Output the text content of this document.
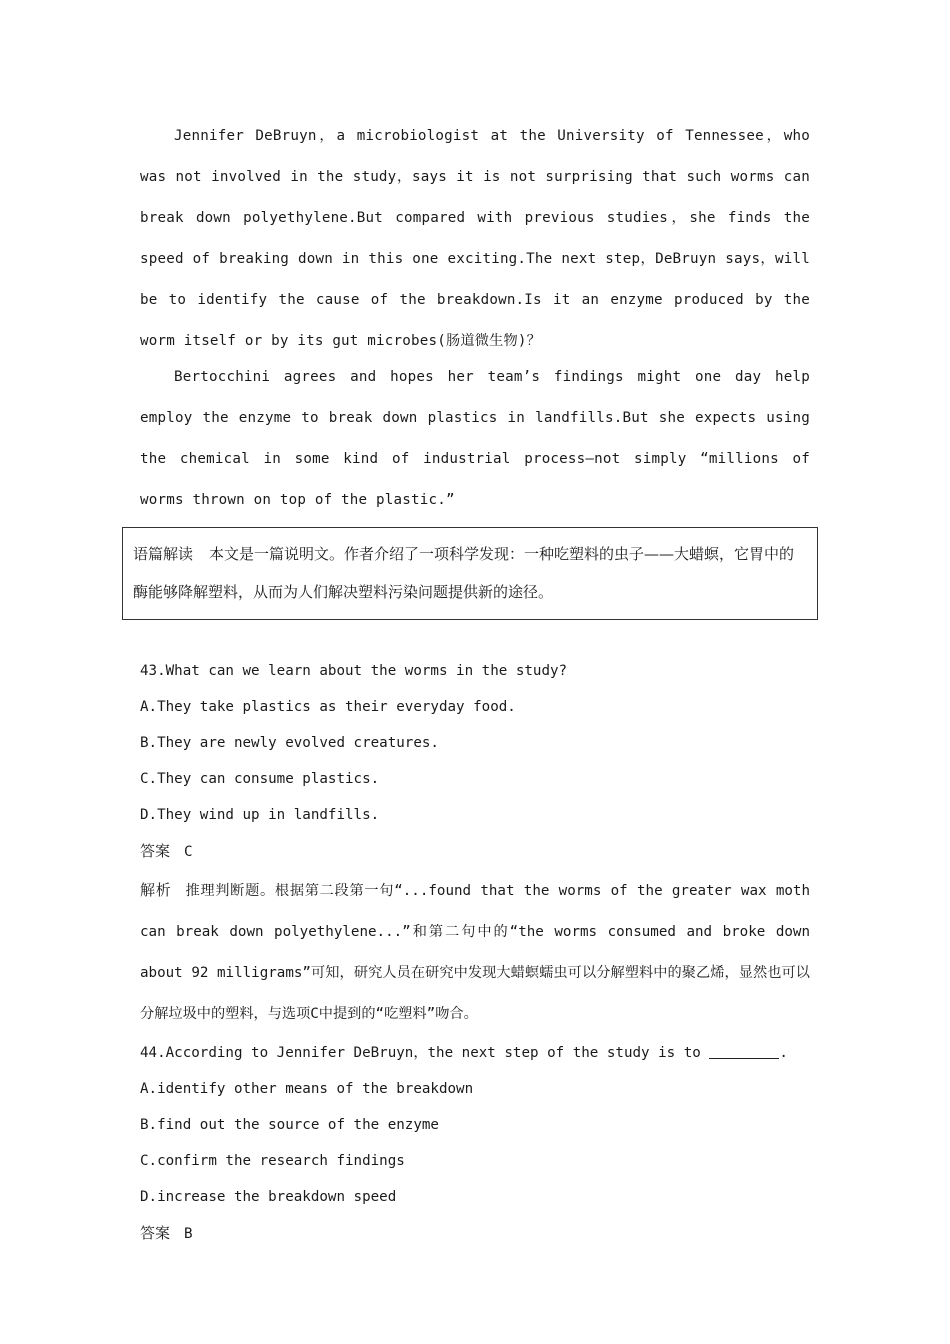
Jennifer DeBruyn，a microbiologist at the University of Tennessee，who was not involved in the study，says it is not surprising that such worms can break down polyethylene.But compared with previous studies，she finds the speed of breaking down in this one exciting.The next step，DeBruyn says，will be to identify the cause of the breakdown.Is it an enzyme produced by the worm itself or by its gut microbes(肠道微生物)？

Bertocchini agrees and hopes her team’s findings might one day help employ the enzyme to break down plastics in landfills.But she expects using the chemical in some kind of industrial process—not simply “millions of worms thrown on top of the plastic.”

语篇解读 本文是一篇说明文。作者介绍了一项科学发现：一种吃塑料的虫子——大蜡螟，它胃中的酶能够降解塑料，从而为人们解决塑料污染问题提供新的途径。
43.What can we learn about the worms in the study?
A.They take plastics as their everyday food.
B.They are newly evolved creatures.
C.They can consume plastics.
D.They wind up in landfills.
答案 C

解析 推理判断题。根据第二段第一句“...found that the worms of the greater wax moth can break down polyethylene...”和第二句中的“the worms consumed and broke down about 92 milligrams”可知，研究人员在研究中发现大蜡螟蠕虫可以分解塑料中的聚乙烯，显然也可以分解垃圾中的塑料，与选项C中提到的“吃塑料”吻合。

44.According to Jennifer DeBruyn，the next step of the study is to	.
A.identify other means of the breakdown
B.find out the source of the enzyme
C.confirm the research findings
D.increase the breakdown speed
答案 B
